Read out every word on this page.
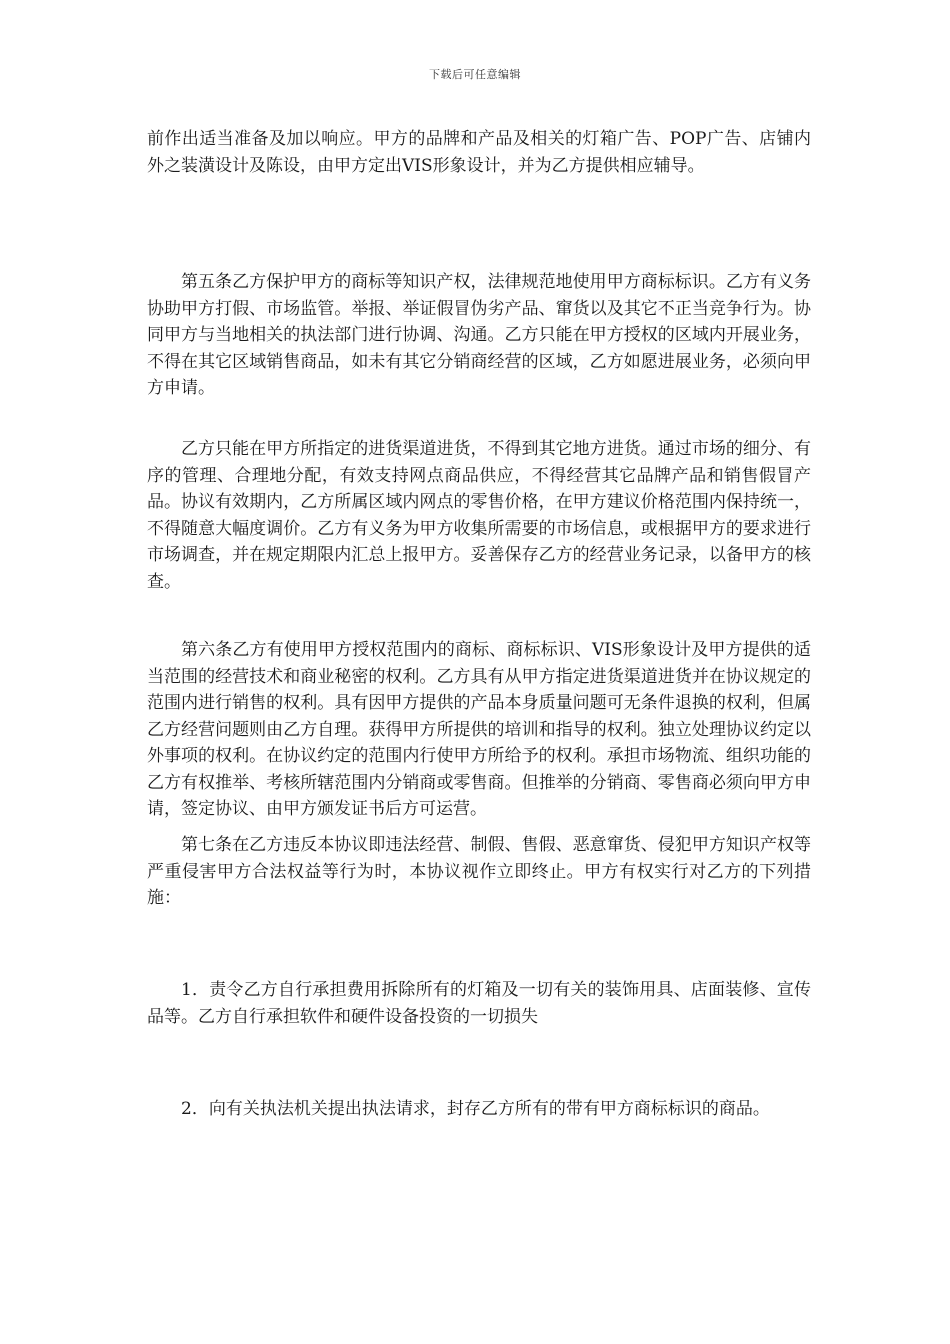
下载后可任意编辑

前作出适当准备及加以响应。甲方的品牌和产品及相关的灯箱广告、POP广告、店铺内外之装潢设计及陈设，由甲方定出VIS形象设计，并为乙方提供相应辅导。

第五条乙方保护甲方的商标等知识产权，法律规范地使用甲方商标标识。乙方有义务协助甲方打假、市场监管。举报、举证假冒伪劣产品、窜货以及其它不正当竞争行为。协同甲方与当地相关的执法部门进行协调、沟通。乙方只能在甲方授权的区域内开展业务，不得在其它区域销售商品，如未有其它分销商经营的区域，乙方如愿进展业务，必须向甲方申请。

乙方只能在甲方所指定的进货渠道进货，不得到其它地方进货。通过市场的细分、有序的管理、合理地分配，有效支持网点商品供应，不得经营其它品牌产品和销售假冒产品。协议有效期内，乙方所属区域内网点的零售价格，在甲方建议价格范围内保持统一，不得随意大幅度调价。乙方有义务为甲方收集所需要的市场信息，或根据甲方的要求进行市场调查，并在规定期限内汇总上报甲方。妥善保存乙方的经营业务记录，以备甲方的核查。

第六条乙方有使用甲方授权范围内的商标、商标标识、VIS形象设计及甲方提供的适当范围的经营技术和商业秘密的权利。乙方具有从甲方指定进货渠道进货并在协议规定的范围内进行销售的权利。具有因甲方提供的产品本身质量问题可无条件退换的权利，但属乙方经营问题则由乙方自理。获得甲方所提供的培训和指导的权利。独立处理协议约定以外事项的权利。在协议约定的范围内行使甲方所给予的权利。承担市场物流、组织功能的乙方有权推举、考核所辖范围内分销商或零售商。但推举的分销商、零售商必须向甲方申请，签定协议、由甲方颁发证书后方可运营。

第七条在乙方违反本协议即违法经营、制假、售假、恶意窜货、侵犯甲方知识产权等严重侵害甲方合法权益等行为时，本协议视作立即终止。甲方有权实行对乙方的下列措施：

1．责令乙方自行承担费用拆除所有的灯箱及一切有关的装饰用具、店面装修、宣传品等。乙方自行承担软件和硬件设备投资的一切损失

2．向有关执法机关提出执法请求，封存乙方所有的带有甲方商标标识的商品。
